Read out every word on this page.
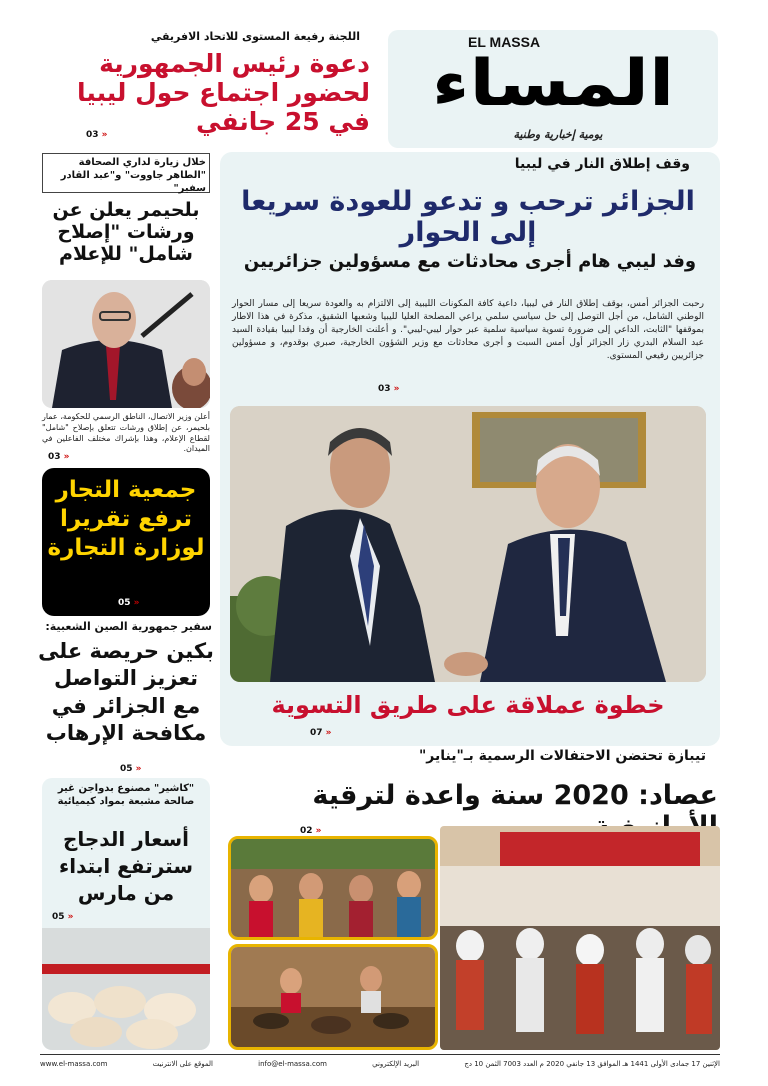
EL MASSA
المساء
يومية إخبارية وطنية
اللجنة رفيعة المستوى للاتحاد الافريقي
دعوة رئيس الجمهورية لحضور اجتماع حول ليبيا في 25 جانفي
03 »
وقف إطلاق النار في ليبيا
الجزائر ترحب و تدعو للعودة سريعا إلى الحوار
وفد ليبي هام أجرى محادثات مع مسؤولين جزائريين
رحبت الجزائر أمس، بوقف إطلاق النار في ليبيا، داعية كافة المكونات الليبية إلى الالتزام به والعودة سريعا إلى مسار الحوار الوطني الشامل، من أجل التوصل إلى حل سياسي سلمي يراعي المصلحة العليا لليبيا وشعبها الشقيق، مذكرة في هذا الاطار بموقفها "الثابت، الداعي إلى ضرورة تسوية سياسية سلمية عبر حوار ليبي-ليبي". و أعلنت الخارجية أن وفدا ليبيا بقيادة السيد عبد السلام البدري زار الجزائر أول أمس السبت و أجرى محادثات مع وزير الشؤون الخارجية، صبري بوقدوم، و مسؤولين جزائريين رفيعي المستوى.
03 »
خطوة عملاقة على طريق التسوية
07 »
خلال زيارة لداري الصحافة "الطاهر جاووت" و"عبد القادر سفير"
بلحيمر يعلن عن ورشات "إصلاح شامل" للإعلام
أعلن وزير الاتصال، الناطق الرسمي للحكومة، عمار بلحيمر، عن إطلاق ورشات تتعلق بإصلاح "شامل" لقطاع الإعلام، وهذا بإشراك مختلف الفاعلين في الميدان.
03 »
جمعية التجار ترفع تقريرا لوزارة التجارة
05 »
سفير جمهورية الصين الشعبية:
بكين حريصة على تعزيز التواصل مع الجزائر في مكافحة الإرهاب
05 »
"كاشير" مصنوع بدواجن غير صالحة مشبعة بمواد كيميائية
أسعار الدجاج سترتفع ابتداء من مارس
05 »
تيبازة تحتضن الاحتفالات الرسمية بـ"يناير"
عصاد: 2020 سنة واعدة لترقية
02 »
الإثنين 17 جمادى الأولى 1441 هـ الموافق 13 جانفي 2020 م العدد 7003 الثمن 10 دج
البريد الإلكتروني
info@el-massa.com
الموقع على الانترنيت
www.el-massa.com
